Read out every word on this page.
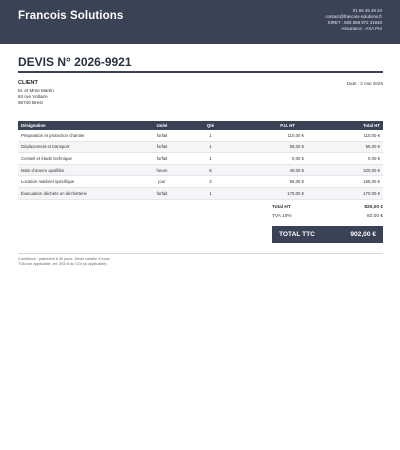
Francois Solutions	01 66 45 46 24
contact@francois-solutions.fr
SIRET : 600 858 972 31840
Assurance : AXA Pro
DEVIS N° 2026-9921
CLIENT
M. et Mme Martin
84 rue Voltaire
65740 Brest
Date : 2 mai 2026
Désignation	Unité	Qté	P.U. HT	Total HT
Préparation et protection chantier	forfait	1	110,00 €	110,00 €
Déplacement et transport	forfait	1	55,00 €	55,00 €
Conseil et étude technique	forfait	1	0,00 €	0,00 €
Main d'œuvre qualifiée	heure	8	40,00 €	320,00 €
Location matériel spécifique	jour	3	55,00 €	165,00 €
Évacuation déchets en déchetterie	forfait	1	170,00 €	170,00 €
Total HT	820,00 €
TVA 10%	82,00 €
TOTAL TTC	902,00 €
Conditions : paiement à 30 jours. Devis valable 3 mois.
TVA non applicable, art. 293 B du CGI (si applicable).
